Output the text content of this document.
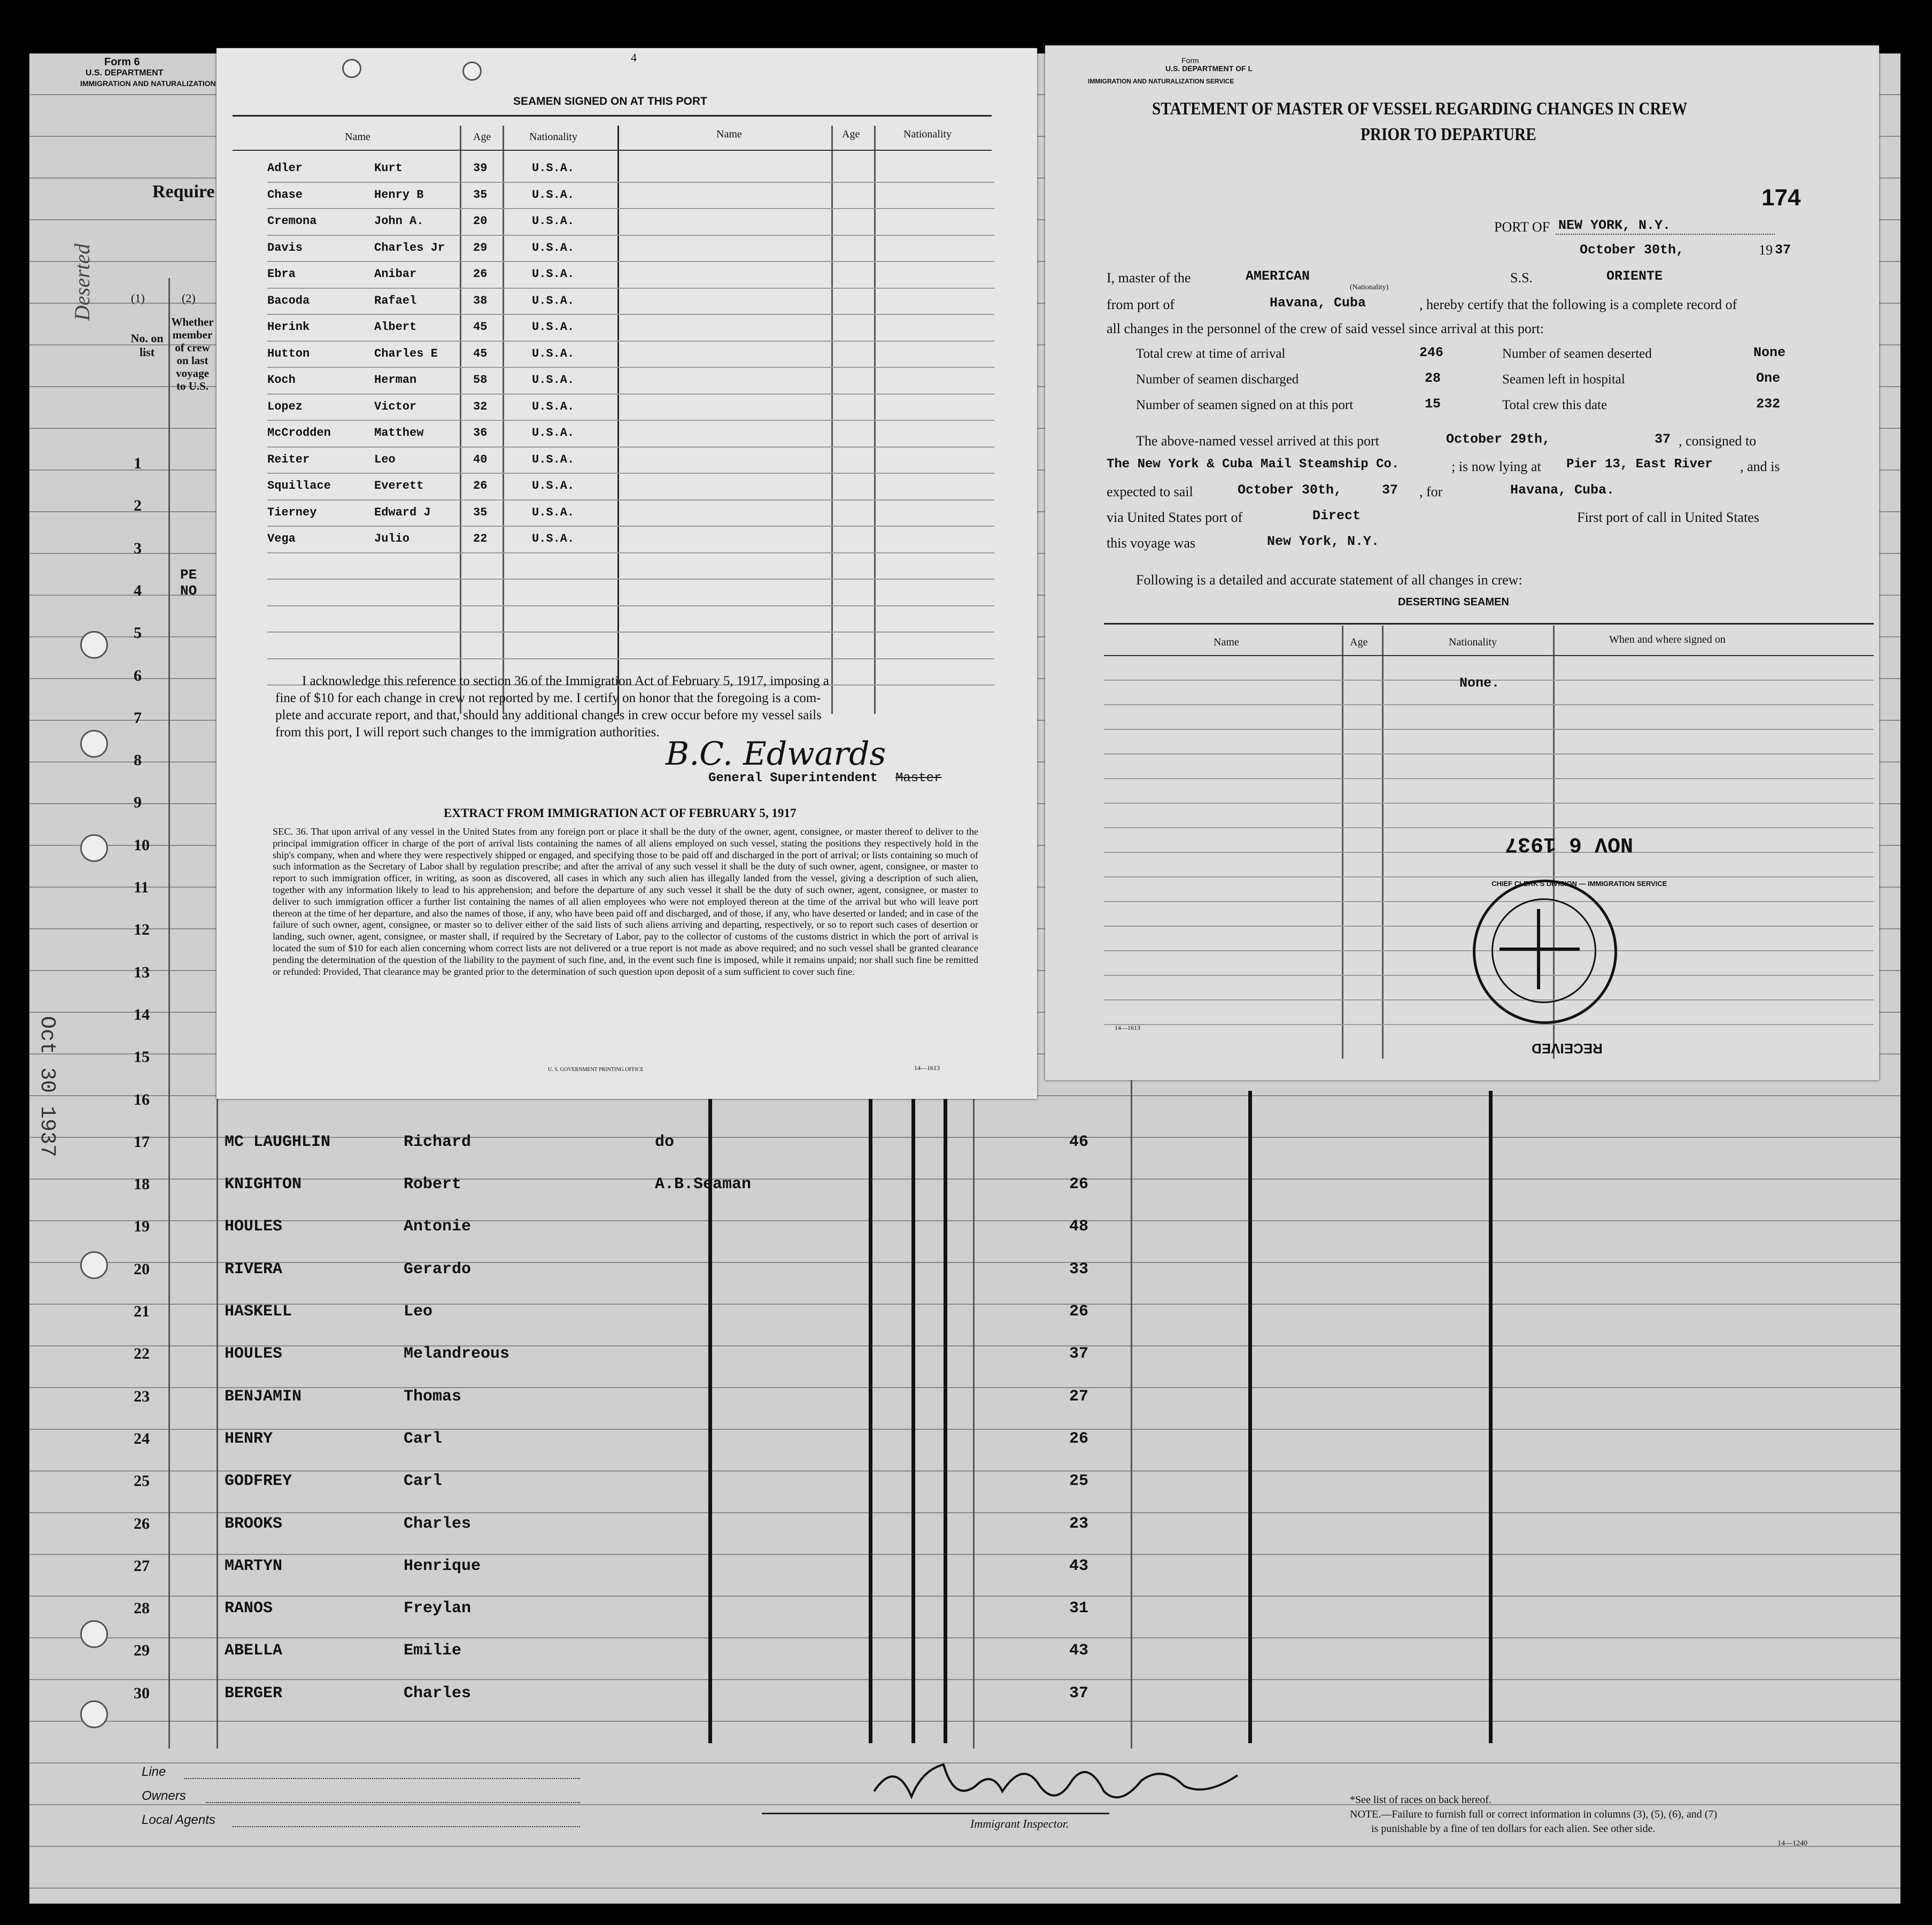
Form 6
U.S. DEPARTMENT
IMMIGRATION AND NATURALIZATION
Require
(1)	(2)
No. on list
Whether member of crew on last voyage to U.S.
Deserted
Oct 30 1937
PE NO
1
2
3
4
5
6
7
8
9
10
11
12
13
14
15
16
17	MC LAUGHLIN	Richard	do	46
18	KNIGHTON	Robert	A.B.Seaman	26
19	HOULES	Antonie	48
20	RIVERA	Gerardo	33
21	HASKELL	Leo	26
22	HOULES	Melandreous	37
23	BENJAMIN	Thomas	27
24	HENRY	Carl	26
25	GODFREY	Carl	25
26	BROOKS	Charles	23
27	MARTYN	Henrique	43
28	RANOS	Freylan	31
29	ABELLA	Emilie	43
30	BERGER	Charles	37
Line
Owners
Local Agents	Immigrant Inspector.
*See list of races on back hereof.
NOTE.—Failure to furnish full or correct information in columns (3), (5), (6), and (7)
is punishable by a fine of ten dollars for each alien. See other side.
14—1240
4
SEAMEN SIGNED ON AT THIS PORT
Name	Age	Nationality	Name	Age	Nationality
Adler	Kurt	39	U.S.A.
Chase	Henry B	35	U.S.A.
Cremona	John A.	20	U.S.A.
Davis	Charles Jr 29	U.S.A.
Ebra	Anibar	26	U.S.A.
Bacoda	Rafael	38	U.S.A.
Herink	Albert	45	U.S.A.
Hutton	Charles E	45	U.S.A.
Koch	Herman	58	U.S.A.
Lopez	Victor	32	U.S.A.
McCrodden	Matthew	36	U.S.A.
Reiter	Leo	40	U.S.A.
Squillace	Everett	26	U.S.A.
Tierney	Edward J	35	U.S.A.
Vega	Julio	22	U.S.A.
I acknowledge this reference to section 36 of the Immigration Act of February 5, 1917, imposing a
fine of $10 for each change in crew not reported by me. I certify on honor that the foregoing is a com-
plete and accurate report, and that, should any additional changes in crew occur before my vessel sails
from this port, I will report such changes to the immigration authorities.
B.C. Edwards
General Superintendent Master
EXTRACT FROM IMMIGRATION ACT OF FEBRUARY 5, 1917
SEC. 36. That upon arrival of any vessel in the United States from any foreign port or place it shall be the duty of the owner, agent, consignee, or master thereof to deliver to the principal immigration officer in charge of the port of arrival lists containing the names of all aliens employed on such vessel, stating the positions they respectively hold in the ship's company, when and where they were respectively shipped or engaged, and specifying those to be paid off and discharged in the port of arrival; or lists containing so much of such information as the Secretary of Labor shall by regulation prescribe; and after the arrival of any such vessel it shall be the duty of such owner, agent, consignee, or master to report to such immigration officer, in writing, as soon as discovered, all cases in which any such alien has illegally landed from the vessel, giving a description of such alien, together with any information likely to lead to his apprehension; and before the departure of any such vessel it shall be the duty of such owner, agent, consignee, or master to deliver to such immigration officer a further list containing the names of all alien employees who were not employed thereon at the time of the arrival but who will leave port thereon at the time of her departure, and also the names of those, if any, who have been paid off and discharged, and of those, if any, who have deserted or landed; and in case of the failure of such owner, agent, consignee, or master so to deliver either of the said lists of such aliens arriving and departing, respectively, or so to report such cases of desertion or landing, such owner, agent, consignee, or master shall, if required by the Secretary of Labor, pay to the collector of customs of the customs district in which the port of arrival is located the sum of $10 for each alien concerning whom correct lists are not delivered or a true report is not made as above required; and no such vessel shall be granted clearance pending the determination of the question of the liability to the payment of such fine, and, in the event such fine is imposed, while it remains unpaid; nor shall such fine be remitted or refunded: Provided, That clearance may be granted prior to the determination of such question upon deposit of a sum sufficient to cover such fine.
U. S. GOVERNMENT PRINTING OFFICE	14—1613
Form
U.S. DEPARTMENT OF L
IMMIGRATION AND NATURALIZATION SERVICE
STATEMENT OF MASTER OF VESSEL REGARDING CHANGES IN CREW
PRIOR TO DEPARTURE
174
PORT OF NEW YORK, N.Y.
October 30th,	19 37
I, master of the	AMERICAN
(Nationality)
S.S.	ORIENTE
from port of	Havana, Cuba	, hereby certify that the following is a complete record of
all changes in the personnel of the crew of said vessel since arrival at this port:
Total crew at time of arrival	246	Number of seamen deserted	None
Number of seamen discharged	28	Seamen left in hospital	One
Number of seamen signed on at this port	15	Total crew this date	232
The above-named vessel arrived at this port	October 29th,	37 , consigned to
The New York & Cuba Mail Steamship Co.	; is now lying at Pier 13, East River , and is
expected to sail	October 30th,	37 , for	Havana, Cuba.
via United States port of	Direct	First port of call in United States
this voyage was	New York, N.Y.
Following is a detailed and accurate statement of all changes in crew:
DESERTING SEAMEN
Name	Age	Nationality	When and where signed on
None.
CHIEF CLERK'S DIVISION — IMMIGRATION SERVICE
NOV 6 1937
RECEIVED
14—1613
